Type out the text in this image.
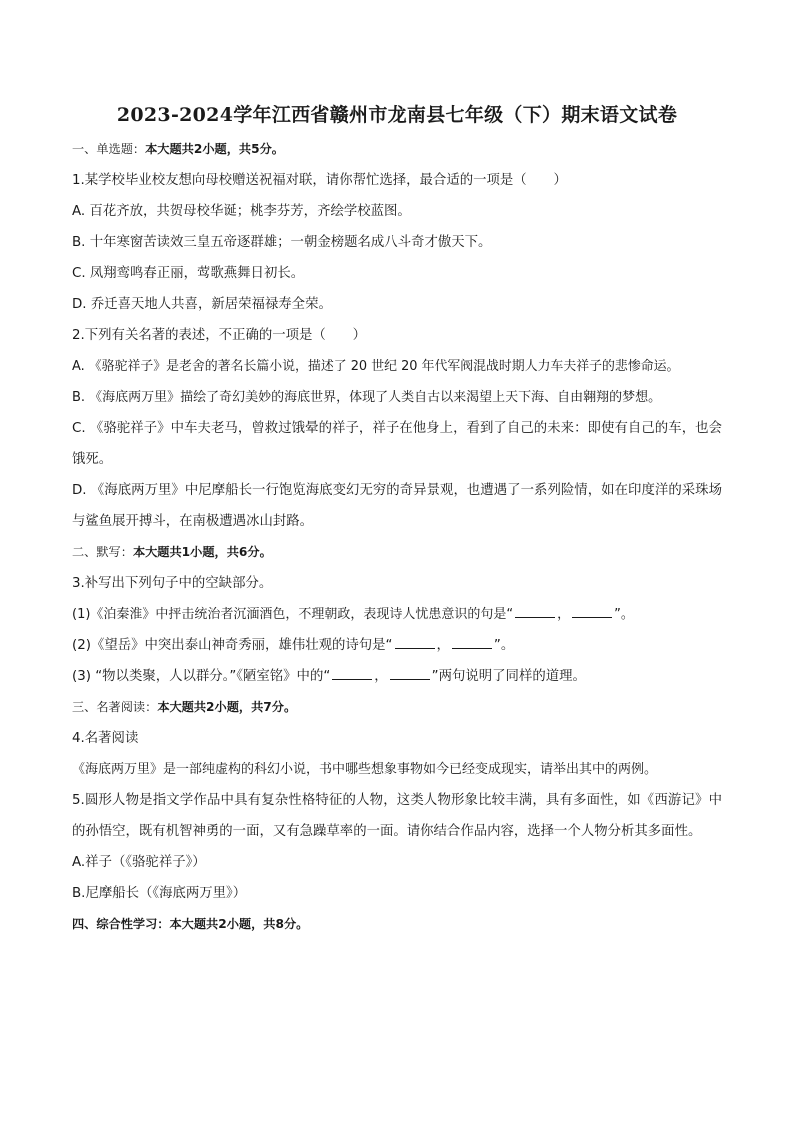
2023-2024学年江西省赣州市龙南县七年级（下）期末语文试卷

一、单选题：本大题共2小题，共5分。

1.某学校毕业校友想向母校赠送祝福对联，请你帮忙选择，最合适的一项是（　　）

A. 百花齐放，共贺母校华诞；桃李芬芳，齐绘学校蓝图。

B. 十年寒窗苦读效三皇五帝逐群雄；一朝金榜题名成八斗奇才傲天下。

C. 凤翔鸾鸣春正丽，莺歌燕舞日初长。

D. 乔迁喜天地人共喜，新居荣福禄寿全荣。

2.下列有关名著的表述，不正确的一项是（　　）

A. 《骆驼祥子》是老舍的著名长篇小说，描述了 20 世纪 20 年代军阀混战时期人力车夫祥子的悲惨命运。

B. 《海底两万里》描绘了奇幻美妙的海底世界，体现了人类自古以来渴望上天下海、自由翱翔的梦想。

C. 《骆驼祥子》中车夫老马，曾救过饿晕的祥子，祥子在他身上，看到了自己的未来：即使有自己的车，也会饿死。

D. 《海底两万里》中尼摩船长一行饱览海底变幻无穷的奇异景观，也遭遇了一系列险情，如在印度洋的采珠场与鲨鱼展开搏斗，在南极遭遇冰山封路。

二、默写：本大题共1小题，共6分。

3.补写出下列句子中的空缺部分。

(1)《泊秦淮》中抨击统治者沉湎酒色，不理朝政，表现诗人忧患意识的句是“	，	”。

(2)《望岳》中突出泰山神奇秀丽，雄伟壮观的诗句是“	，	”。

(3) “物以类聚，人以群分。”《陋室铭》中的“	，	”两句说明了同样的道理。

三、名著阅读：本大题共2小题，共7分。

4.名著阅读

《海底两万里》是一部纯虚构的科幻小说，书中哪些想象事物如今已经变成现实，请举出其中的两例。

5.圆形人物是指文学作品中具有复杂性格特征的人物，这类人物形象比较丰满，具有多面性，如《西游记》中的孙悟空，既有机智神勇的一面，又有急躁草率的一面。请你结合作品内容，选择一个人物分析其多面性。

A.祥子（《骆驼祥子》）

B.尼摩船长（《海底两万里》）

四、综合性学习：本大题共2小题，共8分。
